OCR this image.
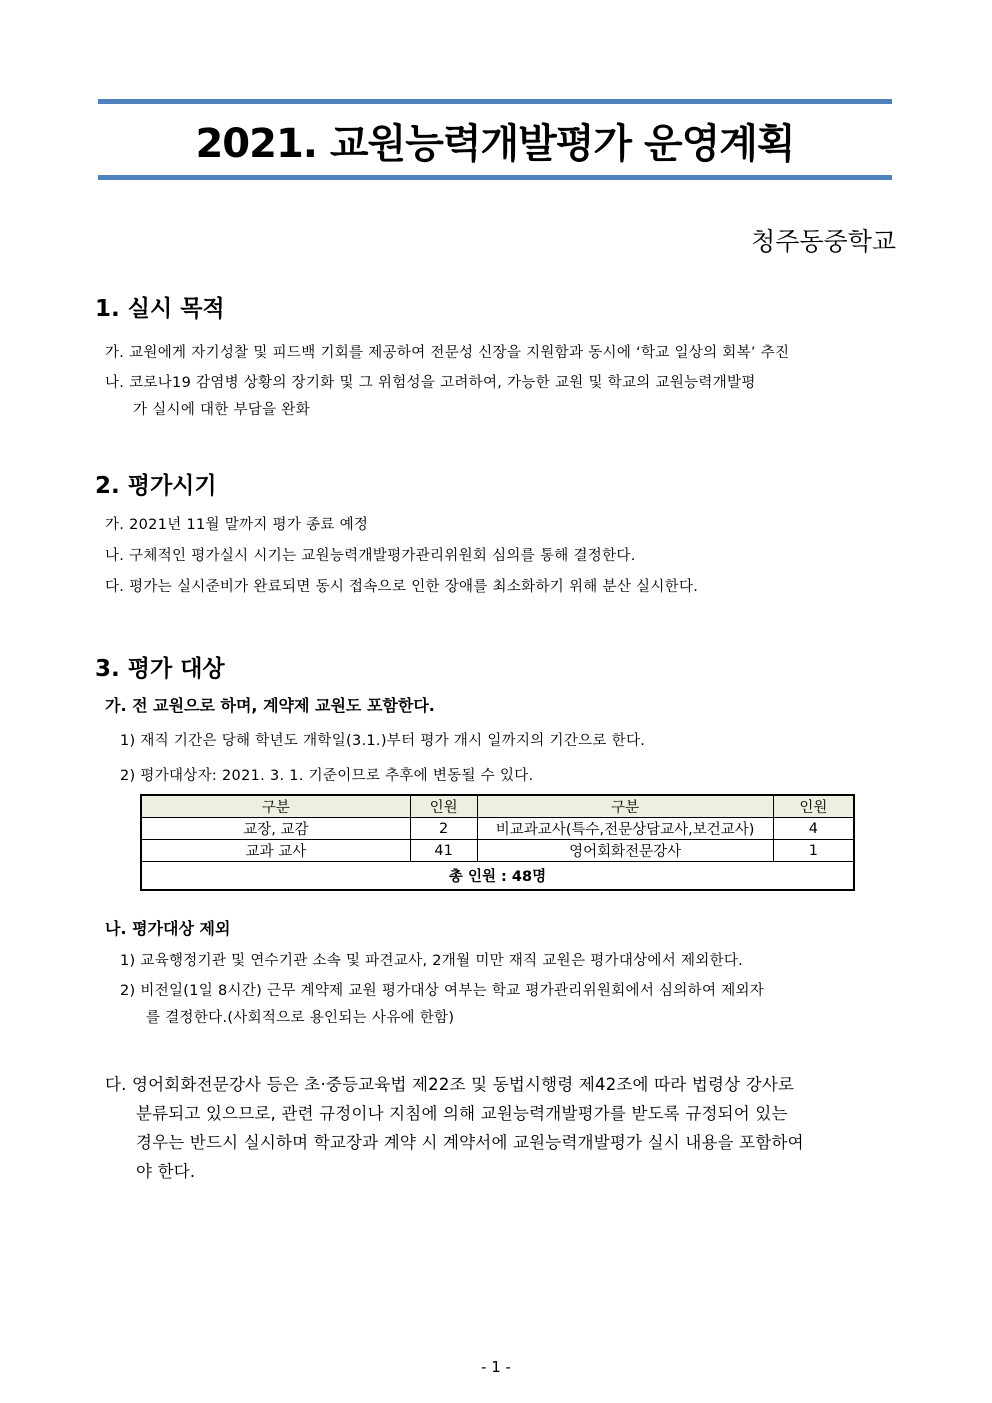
2021. 교원능력개발평가 운영계획
청주동중학교
1. 실시 목적
가. 교원에게 자기성찰 및 피드백 기회를 제공하여 전문성 신장을 지원함과 동시에 ‘학교 일상의 회복’ 추진
나. 코로나19 감염병 상황의 장기화 및 그 위험성을 고려하여, 가능한 교원 및 학교의 교원능력개발평
가 실시에 대한 부담을 완화
2. 평가시기
가. 2021년 11월 말까지 평가 종료 예정
나. 구체적인 평가실시 시기는 교원능력개발평가관리위원회 심의를 통해 결정한다.
다. 평가는 실시준비가 완료되면 동시 접속으로 인한 장애를 최소화하기 위해 분산 실시한다.
3. 평가 대상
가. 전 교원으로 하며, 계약제 교원도 포함한다.
1) 재직 기간은 당해 학년도 개학일(3.1.)부터 평가 개시 일까지의 기간으로 한다.
2) 평가대상자: 2021. 3. 1. 기준이므로 추후에 변동될 수 있다.
구분	인원	구분	인원
교장, 교감	2	비교과교사(특수,전문상담교사,보건교사)	4
교과 교사	41	영어회화전문강사	1
총 인원 : 48명			
나. 평가대상 제외
1) 교육행정기관 및 연수기관 소속 및 파견교사, 2개월 미만 재직 교원은 평가대상에서 제외한다.
2) 비전일(1일 8시간) 근무 계약제 교원 평가대상 여부는 학교 평가관리위원회에서 심의하여 제외자
를 결정한다.(사회적으로 용인되는 사유에 한함)
다. 영어회화전문강사 등은 초·중등교육법 제22조 및 동법시행령 제42조에 따라 법령상 강사로
분류되고 있으므로, 관련 규정이나 지침에 의해 교원능력개발평가를 받도록 규정되어 있는
경우는 반드시 실시하며 학교장과 계약 시 계약서에 교원능력개발평가 실시 내용을 포함하여
야 한다.
- 1 -
